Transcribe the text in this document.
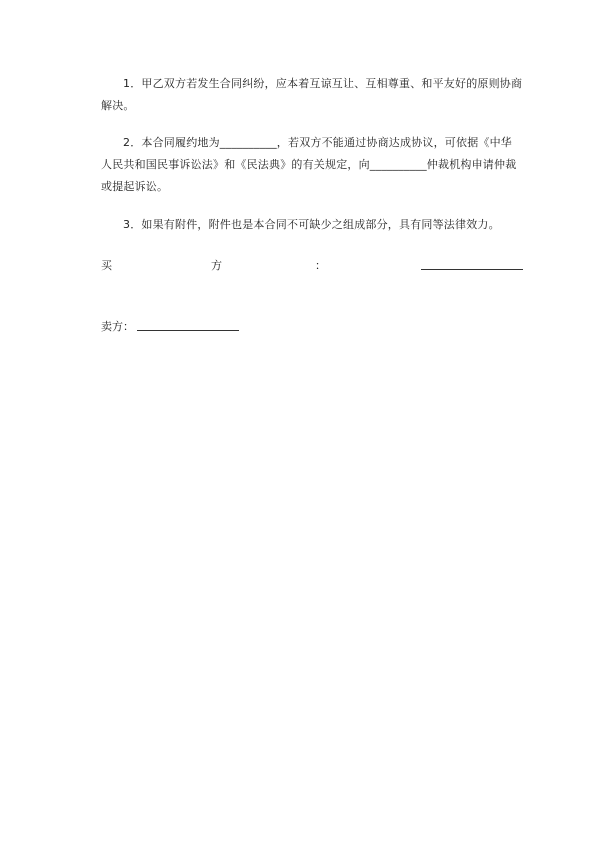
1．甲乙双方若发生合同纠纷，应本着互谅互让、互相尊重、和平友好的原则协商解决。

2．本合同履约地为__________，若双方不能通过协商达成协议，可依据《中华人民共和国民事诉讼法》和《民法典》的有关规定，向__________仲裁机构申请仲裁或提起诉讼。

3．如果有附件，附件也是本合同不可缺少之组成部分，具有同等法律效力。

买	方	：
卖方：
